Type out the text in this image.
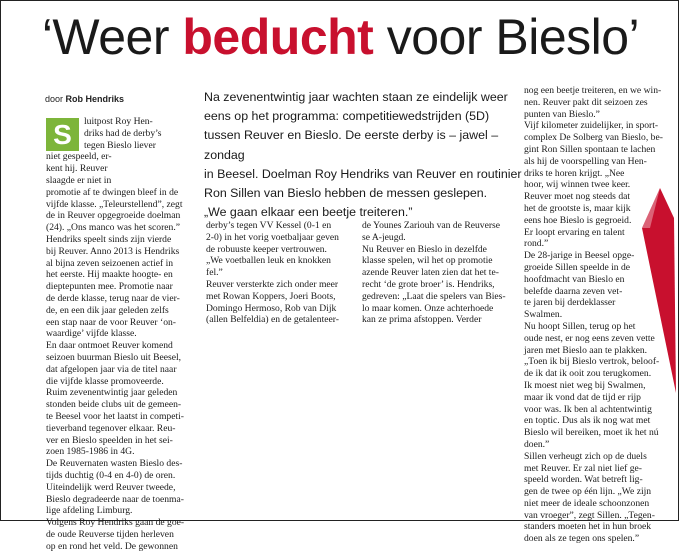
‘Weer beducht voor Bieslo’
door Rob Hendriks	Na zevenentwintig jaar wachten staan ze eindelijk weer

eens op het programma: competitiewedstrijden (5D)

tussen Reuver en Bieslo. De eerste derby is – jawel – zondag

in Beesel. Doelman Roy Hendriks van Reuver en routinier

Ron Sillen van Bieslo hebben de messen geslepen.

„We gaan elkaar een beetje treiteren.”

S	luitpost Roy Hen-

driks had de derby’s

tegen Bieslo liever

niet gespeeld, er-

kent hij. Reuver

slaagde er niet in

promotie af te dwingen bleef in de

vijfde klasse. „Teleurstellend”, zegt

de in Reuver opgegroeide doelman

(24). „Ons manco was het scoren.”

Hendriks speelt sinds zijn vierde

bij Reuver. Anno 2013 is Hendriks

al bijna zeven seizoenen actief in

het eerste. Hij maakte hoogte- en

dieptepunten mee. Promotie naar

de derde klasse, terug naar de vier-

de, en een dik jaar geleden zelfs

een stap naar de voor Reuver ‘on-

waardige’ vijfde klasse.

En daar ontmoet Reuver komend

seizoen buurman Bieslo uit Beesel,

dat afgelopen jaar via de titel naar

die vijfde klasse promoveerde.

Ruim zevenentwintig jaar geleden

stonden beide clubs uit de gemeen-

te Beesel voor het laatst in competi-

tieverband tegenover elkaar. Reu-

ver en Bieslo speelden in het sei-

zoen 1985-1986 in 4G.

De Reuvernaten wasten Bieslo des-

tijds duchtig (0-4 en 4-0) de oren.

Uiteindelijk werd Reuver tweede,

Bieslo degradeerde naar de toenma-

lige afdeling Limburg.

Volgens Roy Hendriks gaan de goe-

de oude Reuverse tijden herleven

op en rond het veld. De gewonnen

derby’s tegen VV Kessel (0-1 en

2-0) in het vorig voetbaljaar geven

de robuuste keeper vertrouwen.

„We voetballen leuk en knokken

fel.”

Reuver versterkte zich onder meer

met Rowan Koppers, Joeri Boots,

Domingo Hermoso, Rob van Dijk

(allen Belfeldia) en de getalenteer-

de Younes Zariouh van de Reuverse

se A-jeugd.

Nu Reuver en Bieslo in dezelfde

klasse spelen, wil het op promotie

azende Reuver laten zien dat het te-

recht ‘de grote broer’ is. Hendriks,

gedreven: „Laat die spelers van Bies-

lo maar komen. Onze achterhoede

kan ze prima afstoppen. Verder

nog een beetje treiteren, en we win-

nen. Reuver pakt dit seizoen zes

punten van Bieslo.”

Vijf kilometer zuidelijker, in sport-

complex De Solberg van Bieslo, be-

gint Ron Sillen spontaan te lachen

als hij de voorspelling van Hen-

driks te horen krijgt. „Nee

hoor, wij winnen twee keer.

Reuver moet nog steeds dat

het de grootste is, maar kijk

eens hoe Bieslo is gegroeid.

Er loopt ervaring en talent

rond.”

De 28-jarige in Beesel opge-

groeide Sillen speelde in de

hoofdmacht van Bieslo en

belefde daarna zeven vet-

te jaren bij derdeklasser

Swalmen.

Nu hoopt Sillen, terug op het

oude nest, er nog eens zeven vette

jaren met Bieslo aan te plakken.

„Toen ik bij Bieslo vertrok, beloof-

de ik dat ik ooit zou terugkomen.

Ik moest niet weg bij Swalmen,

maar ik vond dat de tijd er rijp

voor was. Ik ben al achtentwintig

en toptic. Dus als ik nog wat met

Bieslo wil bereiken, moet ik het nú

doen.”

Sillen verheugt zich op de duels

met Reuver. Er zal niet lief ge-

speeld worden. Wat betreft lig-

gen de twee op één lijn. „We zijn

niet meer de ideale schoonzonen

van vroeger”, zegt Sillen. „Tegen-

standers moeten het in hun broek

doen als ze tegen ons spelen.”
